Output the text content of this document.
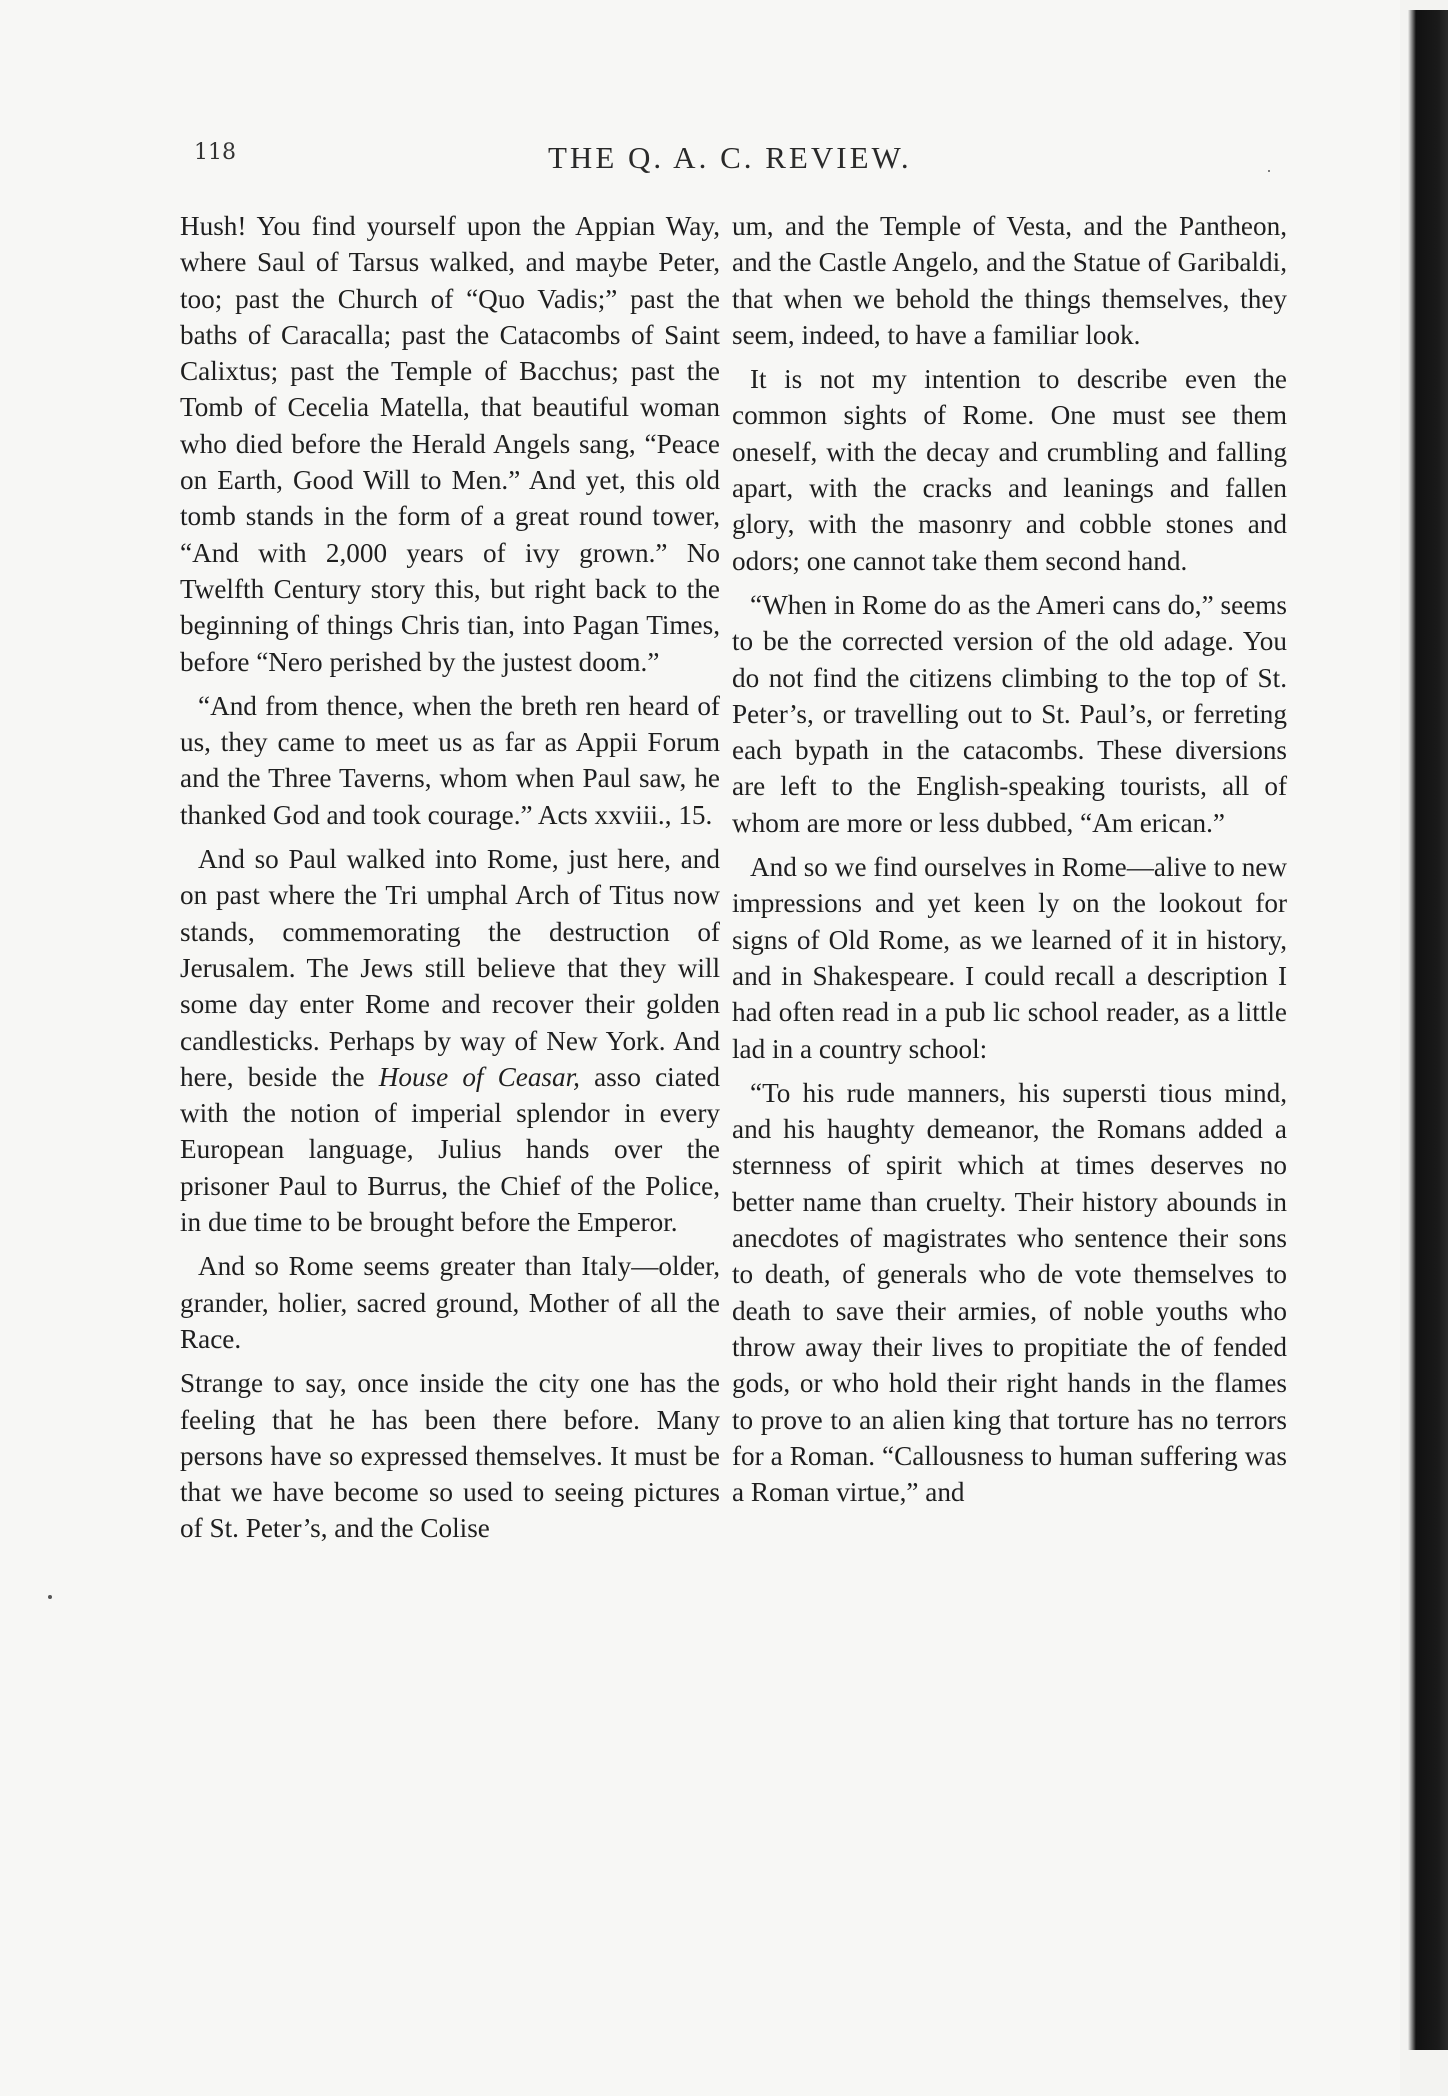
118	THE Q. A. C. REVIEW.

Hush! You find yourself upon the Appian Way, where Saul of Tarsus walked, and maybe Peter, too; past the Church of “Quo Vadis;” past the baths of Caracalla; past the Catacombs of Saint Calixtus; past the Temple of Bacchus; past the Tomb of Cecelia Matella, that beautiful woman who died before the Herald Angels sang, “Peace on Earth, Good Will to Men.” And yet, this old tomb stands in the form of a great round tower, “And with 2,000 years of ivy grown.” No Twelfth Century story this, but right back to the beginning of things Chris tian, into Pagan Times, before “Nero perished by the justest doom.”

“And from thence, when the breth ren heard of us, they came to meet us as far as Appii Forum and the Three Taverns, whom when Paul saw, he thanked God and took courage.” Acts xxviii., 15.

And so Paul walked into Rome, just here, and on past where the Tri umphal Arch of Titus now stands, commemorating the destruction of Jerusalem. The Jews still believe that they will some day enter Rome and recover their golden candlesticks. Perhaps by way of New York. And here, beside the House of Ceasar, asso ciated with the notion of imperial splendor in every European language, Julius hands over the prisoner Paul to Burrus, the Chief of the Police, in due time to be brought before the Emperor.

And so Rome seems greater than Italy—older, grander, holier, sacred ground, Mother of all the Race.

Strange to say, once inside the city one has the feeling that he has been there before. Many persons have so expressed themselves. It must be that we have become so used to seeing pictures of St. Peter’s, and the Colise

um, and the Temple of Vesta, and the Pantheon, and the Castle Angelo, and the Statue of Garibaldi, that when we behold the things themselves, they seem, indeed, to have a familiar look.

It is not my intention to describe even the common sights of Rome. One must see them oneself, with the decay and crumbling and falling apart, with the cracks and leanings and fallen glory, with the masonry and cobble stones and odors; one cannot take them second hand.

“When in Rome do as the Ameri cans do,” seems to be the corrected version of the old adage. You do not find the citizens climbing to the top of St. Peter’s, or travelling out to St. Paul’s, or ferreting each bypath in the catacombs. These diversions are left to the English-speaking tourists, all of whom are more or less dubbed, “Am erican.”

And so we find ourselves in Rome—alive to new impressions and yet keen ly on the lookout for signs of Old Rome, as we learned of it in history, and in Shakespeare. I could recall a description I had often read in a pub lic school reader, as a little lad in a country school:

“To his rude manners, his supersti tious mind, and his haughty demeanor, the Romans added a sternness of spirit which at times deserves no better name than cruelty. Their history abounds in anecdotes of magistrates who sentence their sons to death, of generals who de vote themselves to death to save their armies, of noble youths who throw away their lives to propitiate the of fended gods, or who hold their right hands in the flames to prove to an alien king that torture has no terrors for a Roman. “Callousness to human suffering was a Roman virtue,” and
